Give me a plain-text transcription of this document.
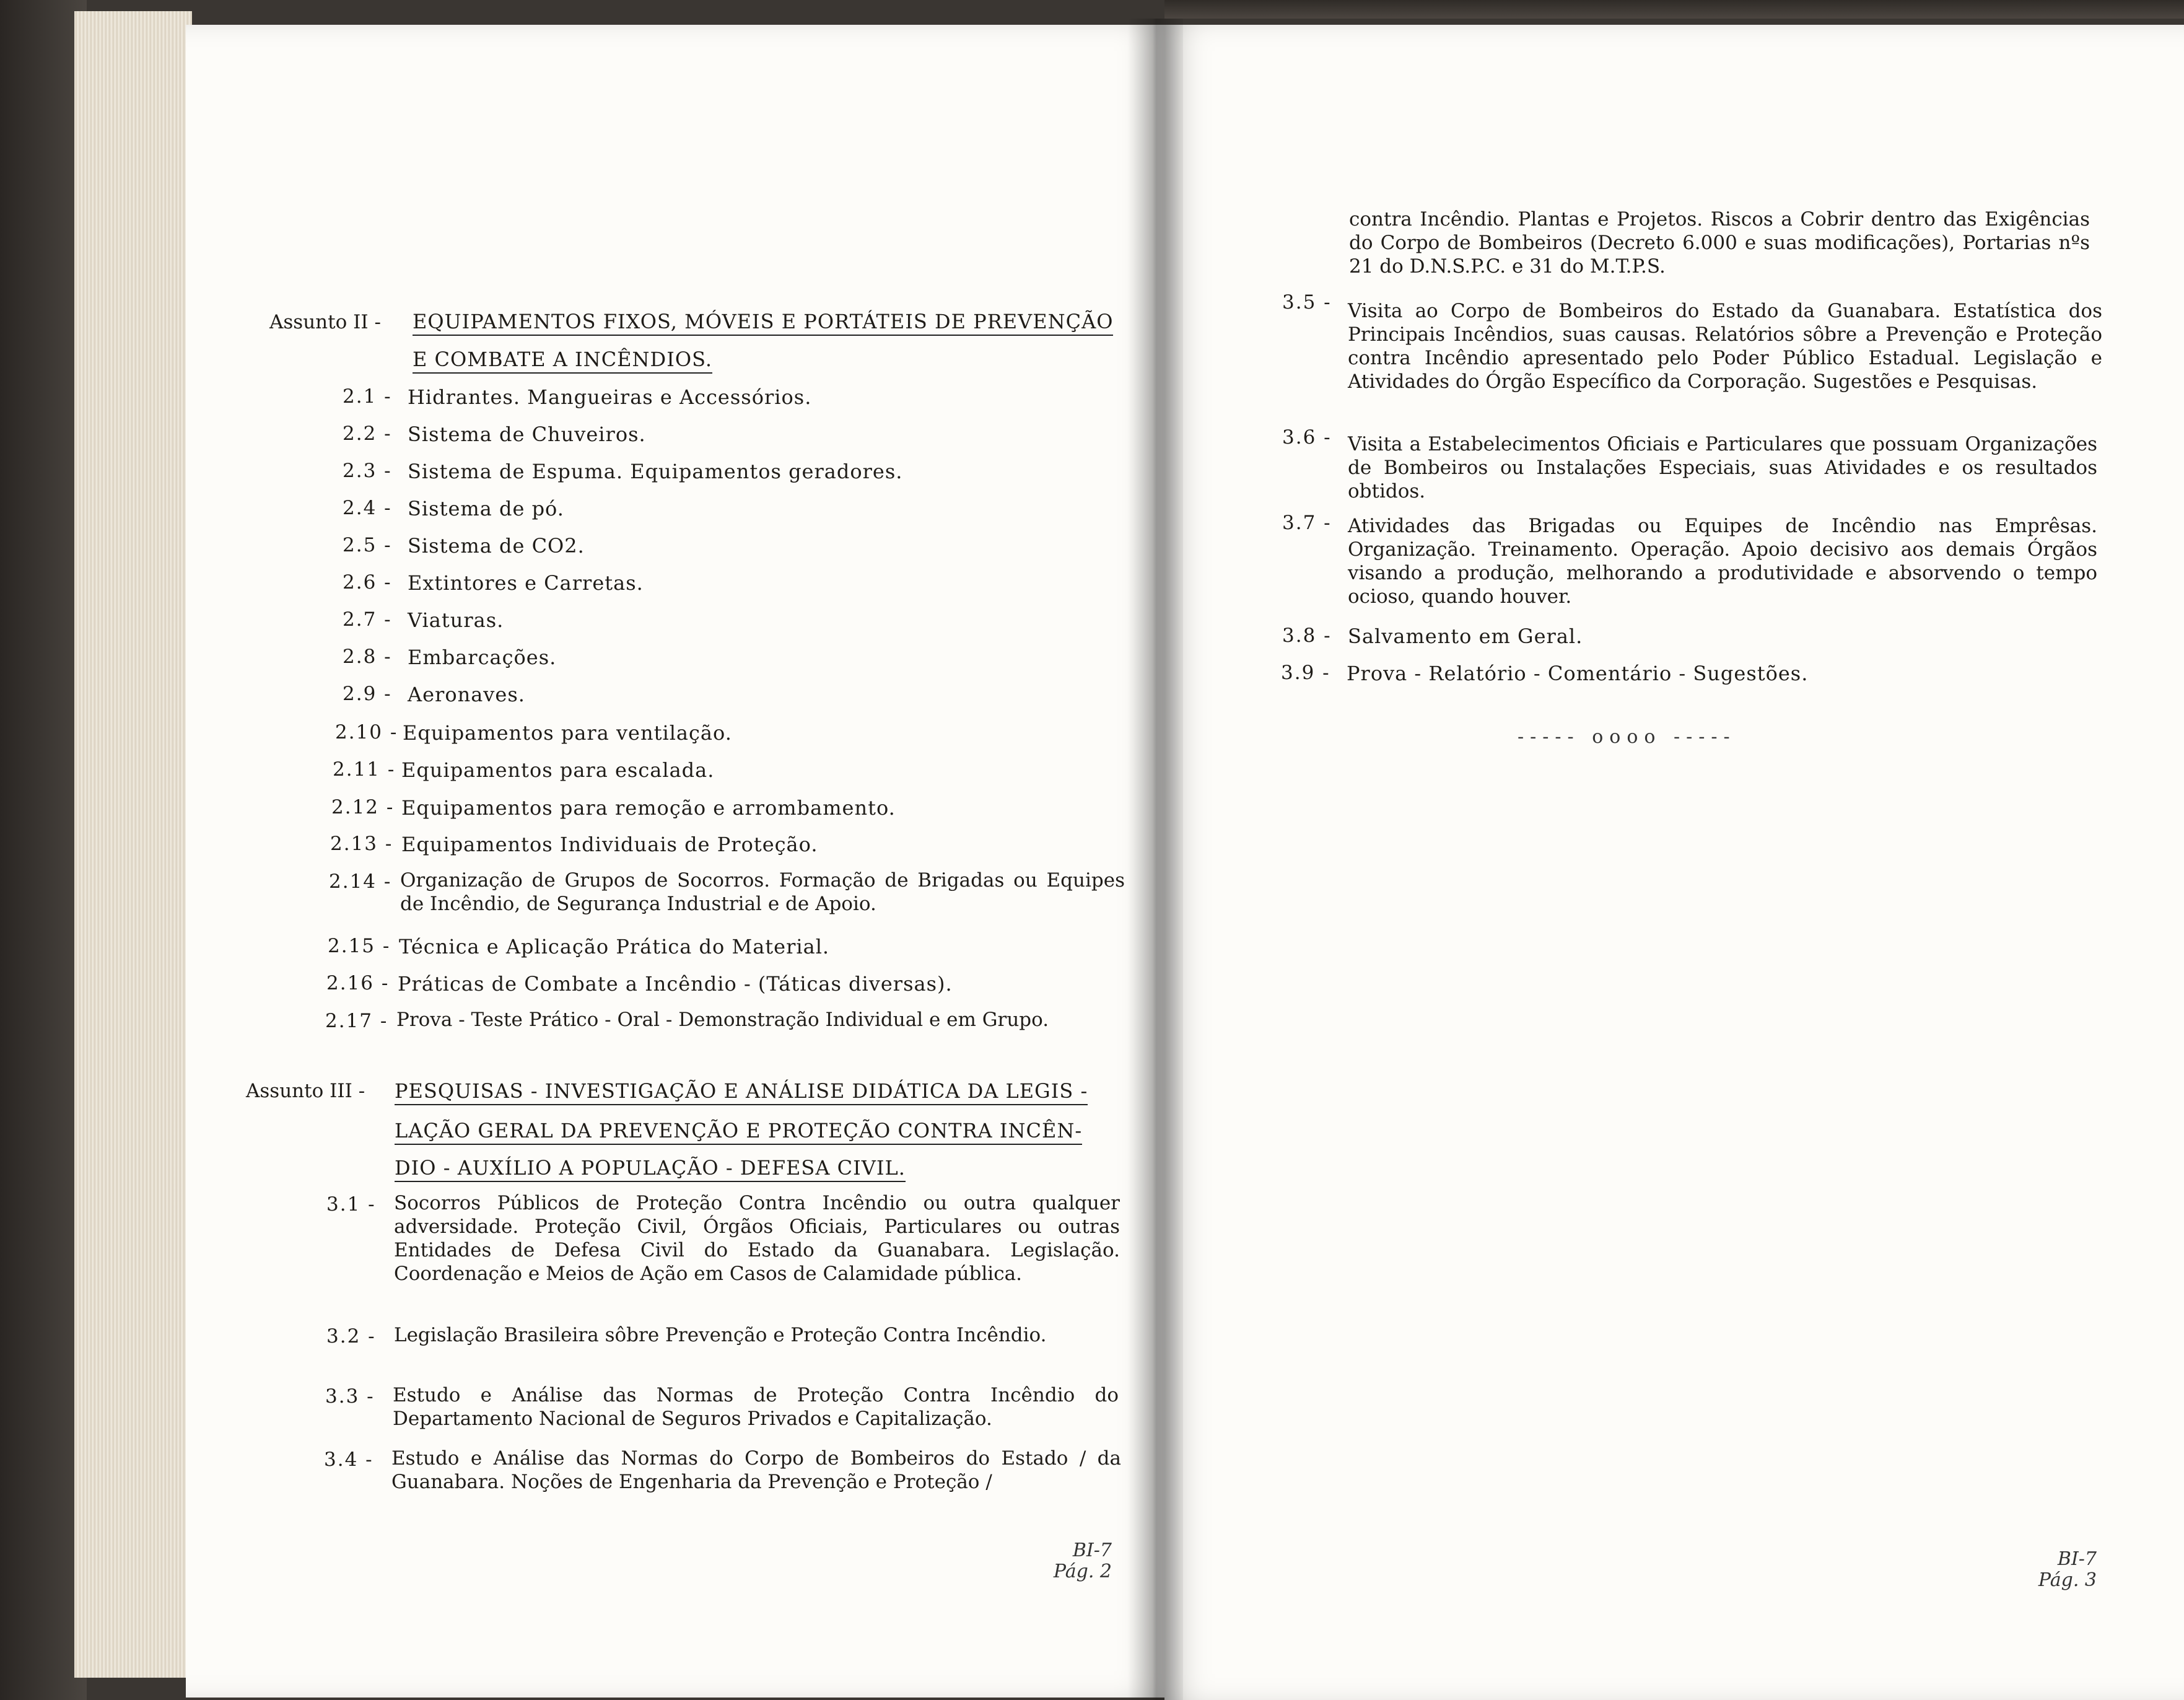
Assunto II - EQUIPAMENTOS FIXOS, MÓVEIS E PORTÁTEIS DE PREVENÇÃO
E COMBATE A INCÊNDIOS.
2.1 - Hidrantes. Mangueiras e Accessórios.
2.2 - Sistema de Chuveiros.
2.3 - Sistema de Espuma. Equipamentos geradores.
2.4 - Sistema de pó.
2.5 - Sistema de CO2.
2.6 - Extintores e Carretas.
2.7 - Viaturas.
2.8 - Embarcações.
2.9 - Aeronaves.
2.10 - Equipamentos para ventilação.
2.11 - Equipamentos para escalada.
2.12 - Equipamentos para remoção e arrombamento.
2.13 - Equipamentos Individuais de Proteção.
2.14 - Organização de Grupos de Socorros. Formação de Brigadas ou Equipes de Incêndio, de Segurança Industrial e de Apoio.
2.15 - Técnica e Aplicação Prática do Material.
2.16 - Práticas de Combate a Incêndio - (Táticas diversas).
2.17 - Prova - Teste Prático - Oral - Demonstração Individual e em Grupo.
Assunto III - PESQUISAS - INVESTIGAÇÃO E ANÁLISE DIDÁTICA DA LEGIS -
LAÇÃO GERAL DA PREVENÇÃO E PROTEÇÃO CONTRA INCÊN-
DIO - AUXÍLIO A POPULAÇÃO - DEFESA CIVIL.
3.1 - Socorros Públicos de Proteção Contra Incêndio ou outra qualquer adversidade. Proteção Civil, Órgãos Oficiais, Particulares ou outras Entidades de Defesa Civil do Estado da Guanabara. Legislação. Coordenação e Meios de Ação em Casos de Calamidade pública.
3.2 - Legislação Brasileira sôbre Prevenção e Proteção Contra Incêndio.
3.3 - Estudo e Análise das Normas de Proteção Contra Incêndio do Departamento Nacional de Seguros Privados e Capitalização.
3.4 - Estudo e Análise das Normas do Corpo de Bombeiros do Estado / da Guanabara. Noções de Engenharia da Prevenção e Proteção /
BI-7
Pág. 2
contra Incêndio. Plantas e Projetos. Riscos a Cobrir dentro das Exigências do Corpo de Bombeiros (Decreto 6.000 e suas modificações), Portarias nºs 21 do D.N.S.P.C. e 31 do M.T.P.S.
3.5 - Visita ao Corpo de Bombeiros do Estado da Guanabara. Estatística dos Principais Incêndios, suas causas. Relatórios sôbre a Prevenção e Proteção contra Incêndio apresentado pelo Poder Público Estadual. Legislação e Atividades do Órgão Específico da Corporação. Sugestões e Pesquisas.
3.6 - Visita a Estabelecimentos Oficiais e Particulares que possuam Organizações de Bombeiros ou Instalações Especiais, suas Atividades e os resultados obtidos.
3.7 - Atividades das Brigadas ou Equipes de Incêndio nas Emprêsas. Organização. Treinamento. Operação. Apoio decisivo aos demais Órgãos visando a produção, melhorando a produtividade e absorvendo o tempo ocioso, quando houver.
3.8 - Salvamento em Geral.
3.9 - Prova - Relatório - Comentário - Sugestões.
----- oooo -----
BI-7
Pág. 3
